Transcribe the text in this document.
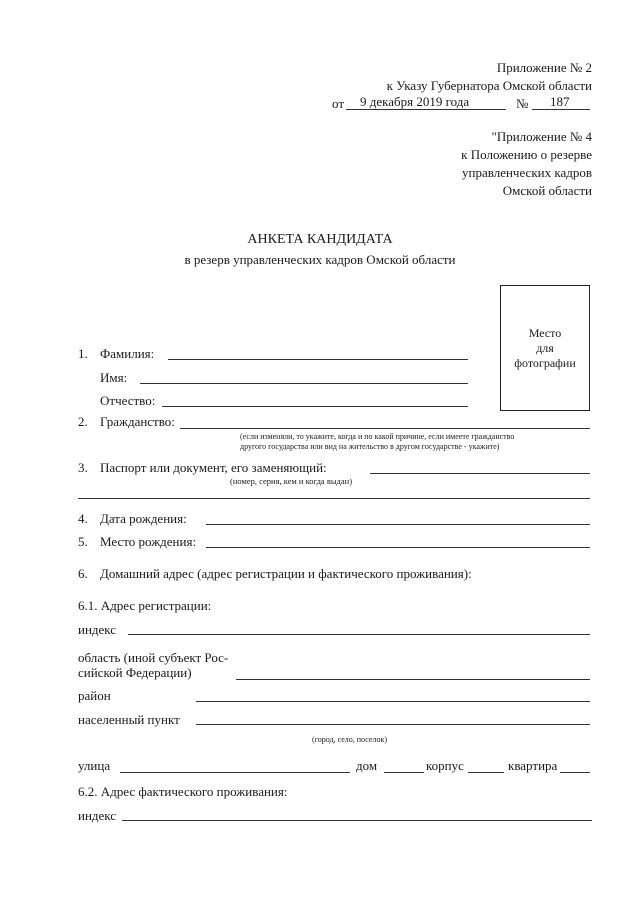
Приложение № 2
к Указу Губернатора Омской области
от 9 декабря 2019 года	№ 187
"Приложение № 4
к Положению о резерве
управленческих кадров
Омской области
АНКЕТА КАНДИДАТА
в резерв управленческих кадров Омской области
Место
для
фотографии
1. Фамилия:
Имя:
Отчество:
2. Гражданство:
(если изменяли, то укажите, когда и по какой причине, если имеете гражданство
другого государства или вид на жительство в другом государстве - укажите)
3. Паспорт или документ, его заменяющий:
(номер, серия, кем и когда выдан)
4. Дата рождения:
5. Место рождения:
6. Домашний адрес (адрес регистрации и фактического проживания):
6.1. Адрес регистрации:
индекс
область (иной субъект Рос-
сийской Федерации)
район
населенный пункт
(город, село, поселок)
улица	дом	корпус	квартира
6.2. Адрес фактического проживания:
индекс
